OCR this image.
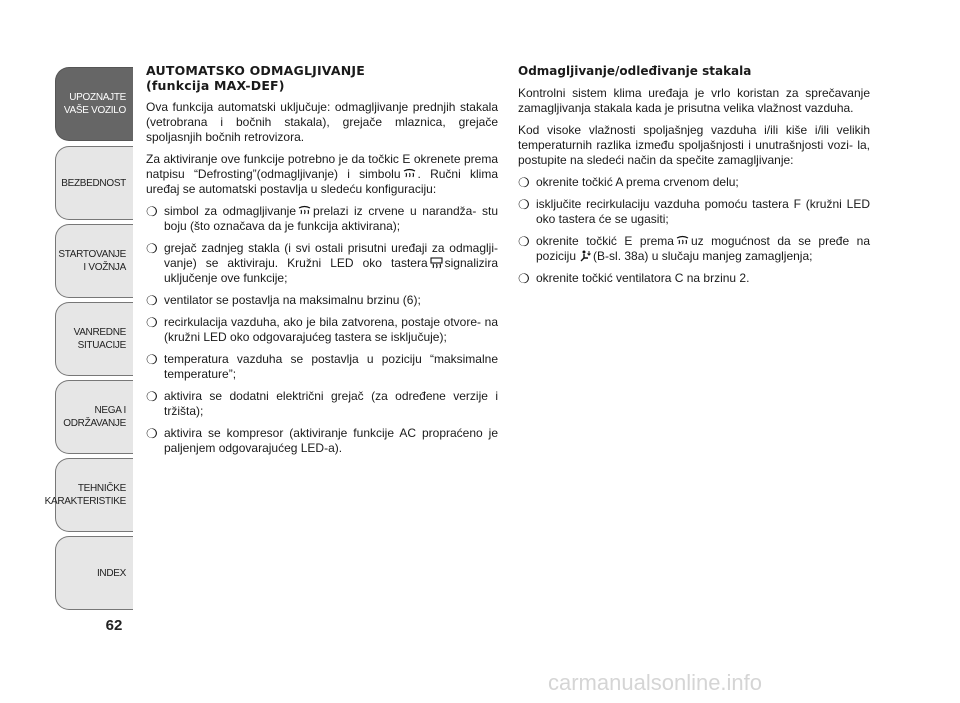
UPOZNAJTE
VAŠE VOZILO
BEZBEDNOST
STARTOVANJE
I VOŽNJA
VANREDNE
SITUACIJE
NEGA I
ODRŽAVANJE
TEHNIČKE
KARAKTERISTIKE
INDEX
62
AUTOMATSKO ODMAGLJIVANJE
(funkcija MAX-DEF)

Ova funkcija automatski uključuje: odmagljivanje prednjih stakala (vetrobrana i bočnih stakala), grejače mlaznica, grejače spoljasnjih bočnih retrovizora.

Za aktiviranje ove funkcije potrebno je da točkic E okrenete prema natpisu “Defrosting”(odmagljivanje) i simbolu . Ručni klima uređaj se automatski postavlja u sledeću konfiguraciju:

❍ simbol za odmagljivanje prelazi iz crvene u narandža- stu boju (što označava da je funkcija aktivirana);
❍ grejač zadnjeg stakla (i svi ostali prisutni uređaji za odmagljі- vanje) se aktiviraju. Kružni LED oko tastera signalizira uključenje ove funkcije;
❍ ventilator se postavlja na maksimalnu brzinu (6);
❍ recirkulacija vazduha, ako je bila zatvorena, postaje otvore- na (kružni LED oko odgovarajućeg tastera se isključuje);
❍ temperatura vazduha se postavlja u poziciju “maksimalne temperature”;
❍ aktivira se dodatni električni grejač (za određene verzije i tržišta);
❍ aktivira se kompresor (aktiviranje funkcije AC propraćeno je paljenjem odgovarajućeg LED-a).
Odmagljivanje/odleđivanje stakala

Kontrolni sistem klima uređaja je vrlo koristan za sprečavanje zamagljivanja stakala kada je prisutna velika vlažnost vazduha.

Kod visoke vlažnosti spoljašnjeg vazduha i/ili kiše i/ili velikih temperaturnih razlika između spoljašnjosti i unutrašnjosti vozi- la, postupite na sledeći način da spečite zamagljivanje:

❍ okrenite točkić A prema crvenom delu;
❍ isključite recirkulaciju vazduha pomoću tastera F (kružni LED oko tastera će se ugasiti;
❍ okrenite točkić E prema uz mogućnost da se pređe na poziciju (B-sl. 38a) u slučaju manjeg zamagljenja;
❍ okrenite točkić ventilatora C na brzinu 2.
carmanualsonline.info
